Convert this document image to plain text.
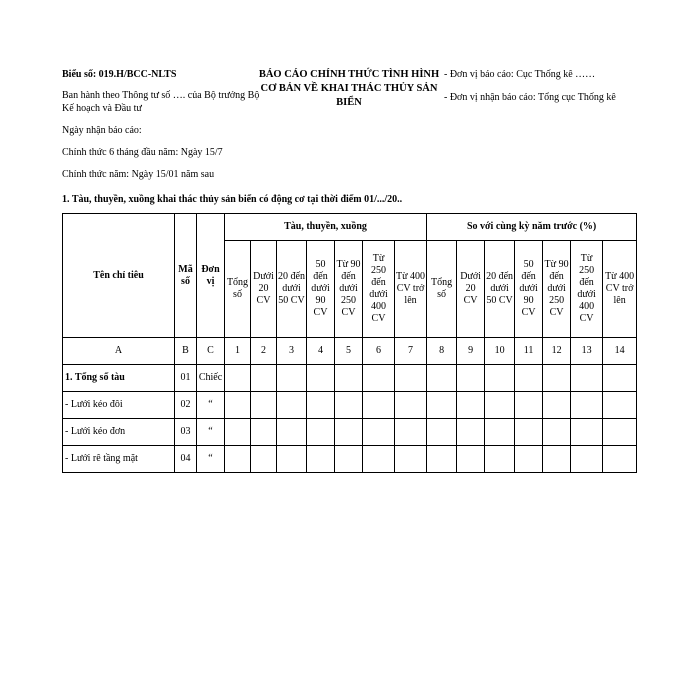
Biểu số: 019.H/BCC-NLTS
Ban hành theo Thông tư số …. của Bộ trưởng Bộ Kế hoạch và Đầu tư
Ngày nhận báo cáo:
Chính thức 6 tháng đầu năm: Ngày 15/7
Chính thức năm: Ngày 15/01 năm sau
BÁO CÁO CHÍNH THỨC TÌNH HÌNH
CƠ BẢN VỀ KHAI THÁC THỦY SẢN
BIỂN
- Đơn vị báo cáo: Cục Thống kê ……
- Đơn vị nhận báo cáo: Tổng cục Thống kê
1. Tàu, thuyền, xuồng khai thác thủy sản biển có động cơ tại thời điểm 01/.../20..
Tên chỉ tiêu	Mã số	Đơn vị	Tàu, thuyền, xuồng							So với cùng kỳ năm trước (%)						
			Tổng số	Dưới 20 CV	20 đến dưới 50 CV	50 đến dưới 90 CV	Từ 90 đến dưới 250 CV	Từ 250 đến dưới 400 CV	Từ 400 CV trở lên	Tổng số	Dưới 20 CV	20 đến dưới 50 CV	50 đến dưới 90 CV	Từ 90 đến dưới 250 CV	Từ 250 đến dưới 400 CV	Từ 400 CV trở lên
A	B	C	1	2	3	4	5	6	7	8	9	10	11	12	13	14
1. Tổng số tàu	01	Chiếc														
- Lưới kéo đôi	02	“														
- Lưới kéo đơn	03	“														
- Lưới rê tầng mặt	04	“														
